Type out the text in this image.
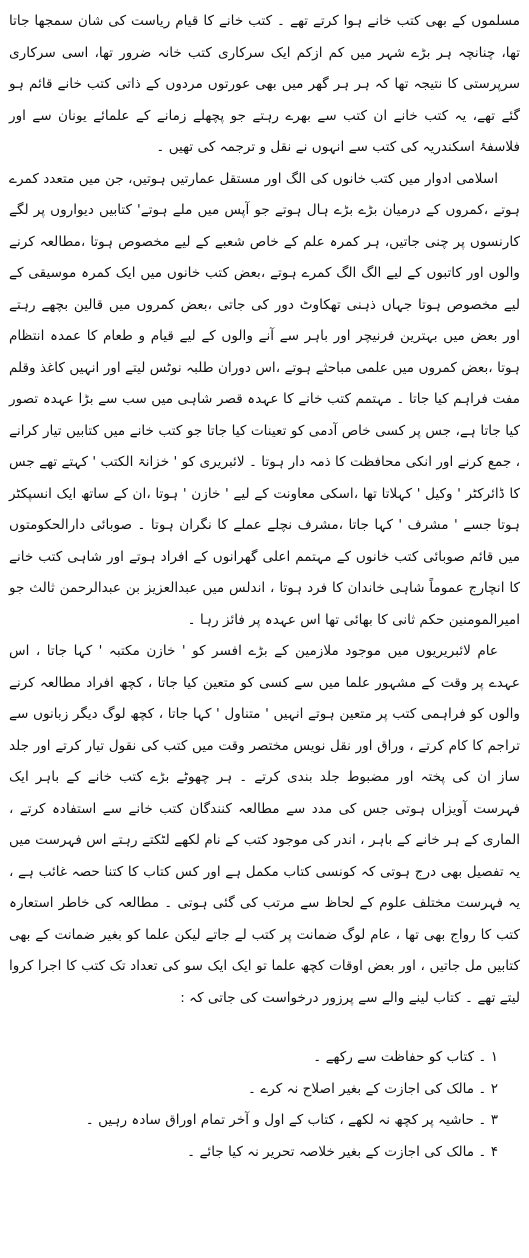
مسلموں کے بھی کتب خانے ہوا کرتے تھے ۔ کتب خانے کا قیام ریاست کی شان سمجھا جاتا تھا، چنانچہ ہر بڑے شہر میں کم ازکم ایک سرکاری کتب خانہ ضرور تھا، اسی سرکاری سرپرستی کا نتیجہ تھا کہ ہر ہر گھر میں بھی عورتوں مردوں کے ذاتی کتب خانے قائم ہو گئے تھے، یہ کتب خانے ان کتب سے بھرے رہتے جو پچھلے زمانے کے علمائے یونان سے اور فلاسفۂ اسکندریہ کی کتب سے انہوں نے نقل و ترجمہ کی تھیں ۔

اسلامی ادوار میں کتب خانوں کی الگ اور مستقل عمارتیں ہوتیں، جن میں متعدد کمرے ہوتے ،کمروں کے درمیان بڑے بڑے ہال ہوتے جو آپس میں ملے ہوتے' کتابیں دیواروں پر لگے کارنسوں پر چنی جاتیں، ہر کمرہ علم کے خاص شعبے کے لیے مخصوص ہوتا ،مطالعہ کرنے والوں اور کاتبوں کے لیے الگ الگ کمرے ہوتے ،بعض کتب خانوں میں ایک کمرہ موسیقی کے لیے مخصوص ہوتا جہاں ذہنی تھکاوٹ دور کی جاتی ،بعض کمروں میں قالین بچھے رہتے اور بعض میں بہترین فرنیچر اور باہر سے آنے والوں کے لیے قیام و طعام کا عمدہ انتظام ہوتا ،بعض کمروں میں علمی مباحثے ہوتے ،اس دوران طلبہ نوٹس لیتے اور انہیں کاغذ وقلم مفت فراہم کیا جاتا ۔ مہتمم کتب خانے کا عہدہ قصر شاہی میں سب سے بڑا عہدہ تصور کیا جاتا ہے، جس پر کسی خاص آدمی کو تعینات کیا جاتا جو کتب خانے میں کتابیں تیار کرانے ، جمع کرنے اور انکی محافظت کا ذمہ دار ہوتا ۔ لائبریری کو ' خزانۃ الکتب ' کہتے تھے جس کا ڈائرکٹر ' وکیل ' کہلاتا تھا ،اسکی معاونت کے لیے ' خازن ' ہوتا ،ان کے ساتھ ایک انسپکٹر ہوتا جسے ' مشرف ' کہا جاتا ،مشرف نچلے عملے کا نگران ہوتا ۔ صوبائی دارالحکومتوں میں قائم صوبائی کتب خانوں کے مہتمم اعلی گھرانوں کے افراد ہوتے اور شاہی کتب خانے کا انچارج عموماً شاہی خاندان کا فرد ہوتا ، اندلس میں عبدالعزیز بن عبدالرحمن ثالث جو امیرالمومنین حکم ثانی کا بھائی تھا اس عہدہ پر فائز رہا ۔

عام لائبریریوں میں موجود ملازمین کے بڑے افسر کو ' خازن مکتبہ ' کہا جاتا ، اس عہدے پر وقت کے مشہور علما میں سے کسی کو متعین کیا جاتا ، کچھ افراد مطالعہ کرنے والوں کو فراہمی کتب پر متعین ہوتے انہیں ' متناول ' کہا جاتا ، کچھ لوگ دیگر زبانوں سے تراجم کا کام کرتے ، وراق اور نقل نویس مختصر وقت میں کتب کی نقول تیار کرتے اور جلد ساز ان کی پختہ اور مضبوط جلد بندی کرتے ۔ ہر چھوٹے بڑے کتب خانے کے باہر ایک فہرست آویزاں ہوتی جس کی مدد سے مطالعہ کنندگان کتب خانے سے استفادہ کرتے ، الماری کے ہر خانے کے باہر ، اندر کی موجود کتب کے نام لکھے لٹکتے رہتے اس فہرست میں یہ تفصیل بھی درج ہوتی کہ کونسی کتاب مکمل ہے اور کس کتاب کا کتنا حصہ غائب ہے ، یہ فہرست مختلف علوم کے لحاظ سے مرتب کی گئی ہوتی ۔ مطالعہ کی خاطر استعارہ کتب کا رواج بھی تھا ، عام لوگ ضمانت پر کتب لے جاتے لیکن علما کو بغیر ضمانت کے بھی کتابیں مل جاتیں ، اور بعض اوقات کچھ علما تو ایک ایک سو کی تعداد تک کتب کا اجرا کروا لیتے تھے ۔ کتاب لینے والے سے پرزور درخواست کی جاتی کہ :

۱ ۔ کتاب کو حفاظت سے رکھے ۔
۲ ۔ مالک کی اجازت کے بغیر اصلاح نہ کرے ۔
۳ ۔ حاشیہ پر کچھ نہ لکھے ، کتاب کے اول و آخر تمام اوراق سادہ رہیں ۔
۴ ۔ مالک کی اجازت کے بغیر خلاصہ تحریر نہ کیا جائے ۔
